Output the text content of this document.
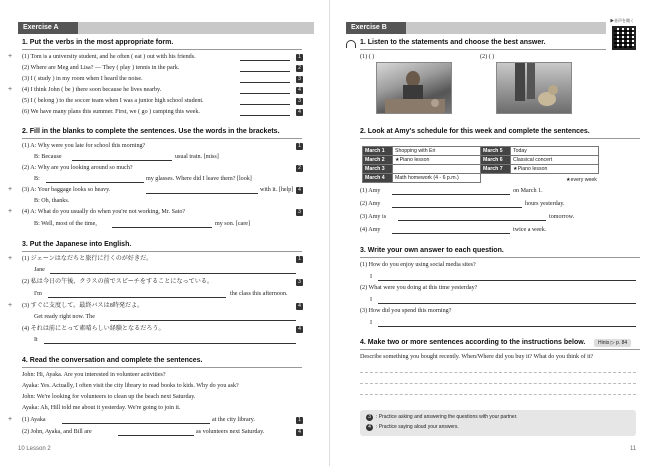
Exercise A
1. Put the verbs in the most appropriate form.
+ (1) Tom is a university student, and he often ( eat ) out with his friends.	1
(2) Where are Meg and Lisa? — They ( play ) tennis in the park.	2
(3) I ( study ) in my room when I heard the noise.	3
+ (4) I think John ( be ) there soon because he lives nearby.	4
(5) I ( belong ) to the soccer team when I was a junior high school student.	3
(6) We have many plans this summer. First, we ( go ) camping this week.	4
2. Fill in the blanks to complete the sentences. Use the words in the brackets.
(1) A: Why were you late for school this morning?	1
B: Because	usual train. [miss]
(2) A: Why are you looking around so much?	2
B:	my glasses. Where did I leave them? [look]
+ (3) A: Your baggage looks so heavy.	with it. [help] 4
B: Oh, thanks.
+ (4) A: What do you usually do when you're not working, Mr. Sato?	3
B: Well, most of the time,	my son. [care]
3. Put the Japanese into English.
+ (1) ジェーンはなだちと旅行に行くのが好きだ。	1
Jane
(2) 私は今日の午後、クラスの前でスピーチをすることになっている。	3
I'm	the class this afternoon.
+ (3) すぐに支度して。最終バスは8時発だよ。	4
Get ready right now. The
(4) それは前にとって素晴らしい経験となるだろう。	4
It
4. Read the conversation and complete the sentences.
John: Hi, Ayaka. Are you interested in volunteer activities?
Ayaka: Yes. Actually, I often visit the city library to read books to kids. Why do you ask?
John: We're looking for volunteers to clean up the beach next Saturday.
Ayaka: Ah, Hill told me about it yesterday. We're going to join it.
+ (1) Ayaka	at the city library.	1
(2) John, Ayaka, and Bill are	as volunteers next Saturday.	4
10 Lesson 2
Exercise B
▶音声を聞く
1. Listen to the statements and choose the best answer.
(1) ( )	(2) ( )
2. Look at Amy's schedule for this week and complete the sentences.
March 1	Shopping with Eri	March 5	Today
March 2	★Piano lesson	March 6	Classical concert
March 3		March 7	★Piano lesson
March 4	Math homework (4 - 6 p.m.)			★every week
(1) Amy	on March 1.
(2) Amy	hours yesterday.
(3) Amy is	tomorrow.
(4) Amy	twice a week.
3. Write your own answer to each question.
(1) How do you enjoy using social media sites?
I
(2) What were you doing at this time yesterday?
I
(3) How did you spend this morning?
I
4. Make two or more sentences according to the instructions below.	Hints ▷ p. 84
Describe something you bought recently. When/Where did you buy it? What do you think of it?
3	: Practice asking and answering the questions with your partner.
4	: Practice saying aloud your answers.
11
